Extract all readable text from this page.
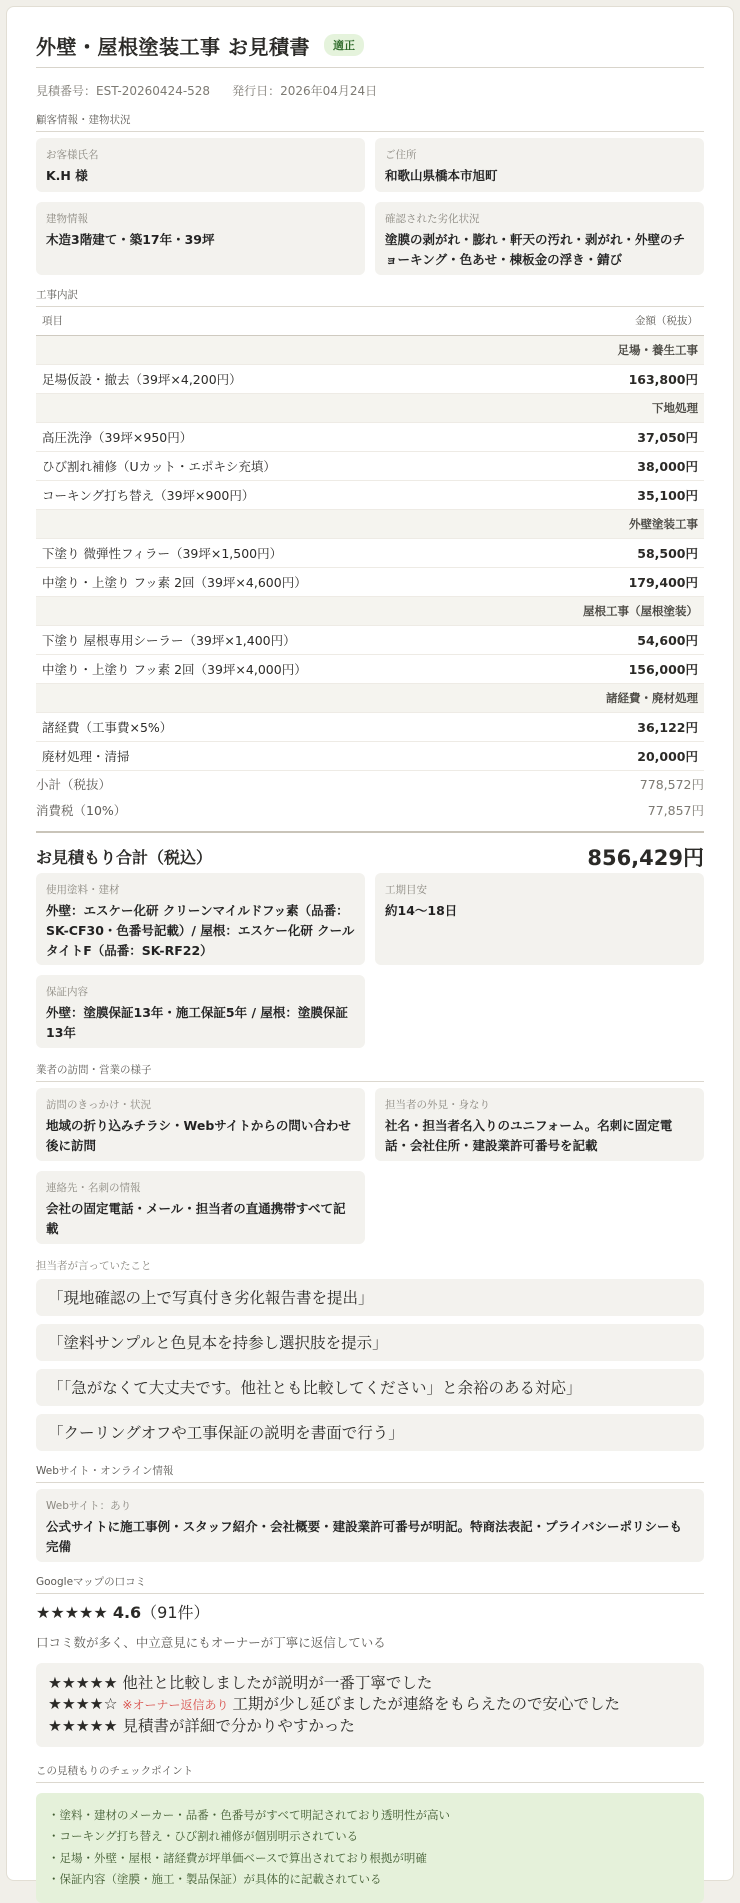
外壁・屋根塗装工事 お見積書	適正
見積番号：EST-20260424-528 発行日：2026年04月24日
顧客情報・建物状況
お客様氏名
K.H 様
ご住所
和歌山県橋本市旭町
建物情報
木造3階建て・築17年・39坪
確認された劣化状況
塗膜の剥がれ・膨れ・軒天の汚れ・剥がれ・外壁のチョーキング・色あせ・棟板金の浮き・錆び
工事内訳
項目	金額（税抜）
足場・養生工事	
足場仮設・撤去（39坪×4,200円）	163,800円
下地処理	
高圧洗浄（39坪×950円）	37,050円
ひび割れ補修（Uカット・エポキシ充填）	38,000円
コーキング打ち替え（39坪×900円）	35,100円
外壁塗装工事	
下塗り 微弾性フィラー（39坪×1,500円）	58,500円
中塗り・上塗り フッ素 2回（39坪×4,600円）	179,400円
屋根工事（屋根塗装）	
下塗り 屋根専用シーラー（39坪×1,400円）	54,600円
中塗り・上塗り フッ素 2回（39坪×4,000円）	156,000円
諸経費・廃材処理	
諸経費（工事費×5%）	36,122円
廃材処理・清掃	20,000円
小計（税抜）	778,572円
消費税（10%）	77,857円
お見積もり合計（税込）	856,429円
使用塗料・建材
外壁：エスケー化研 クリーンマイルドフッ素（品番：SK-CF30・色番号記載）/ 屋根：エスケー化研 クールタイトF（品番：SK-RF22）
工期目安
約14〜18日
保証内容
外壁：塗膜保証13年・施工保証5年 / 屋根：塗膜保証13年
業者の訪問・営業の様子
訪問のきっかけ・状況
地域の折り込みチラシ・Webサイトからの問い合わせ後に訪問
担当者の外見・身なり
社名・担当者名入りのユニフォーム。名刺に固定電話・会社住所・建設業許可番号を記載
連絡先・名刺の情報
会社の固定電話・メール・担当者の直通携帯すべて記載
担当者が言っていたこと
「現地確認の上で写真付き劣化報告書を提出」
「塗料サンプルと色見本を持参し選択肢を提示」
「「急がなくて大丈夫です。他社とも比較してください」と余裕のある対応」
「クーリングオフや工事保証の説明を書面で行う」
Webサイト・オンライン情報
Webサイト：あり
公式サイトに施工事例・スタッフ紹介・会社概要・建設業許可番号が明記。特商法表記・プライバシーポリシーも完備
Googleマップの口コミ
★★★★★ 4.6（91件）
口コミ数が多く、中立意見にもオーナーが丁寧に返信している
★★★★★ 他社と比較しましたが説明が一番丁寧でした
★★★★☆ ※オーナー返信あり 工期が少し延びましたが連絡をもらえたので安心でした
★★★★★ 見積書が詳細で分かりやすかった
この見積もりのチェックポイント
・塗料・建材のメーカー・品番・色番号がすべて明記されており透明性が高い
・コーキング打ち替え・ひび割れ補修が個別明示されている
・足場・外壁・屋根・諸経費が坪単価ベースで算出されており根拠が明確
・保証内容（塗膜・施工・製品保証）が具体的に記載されている
